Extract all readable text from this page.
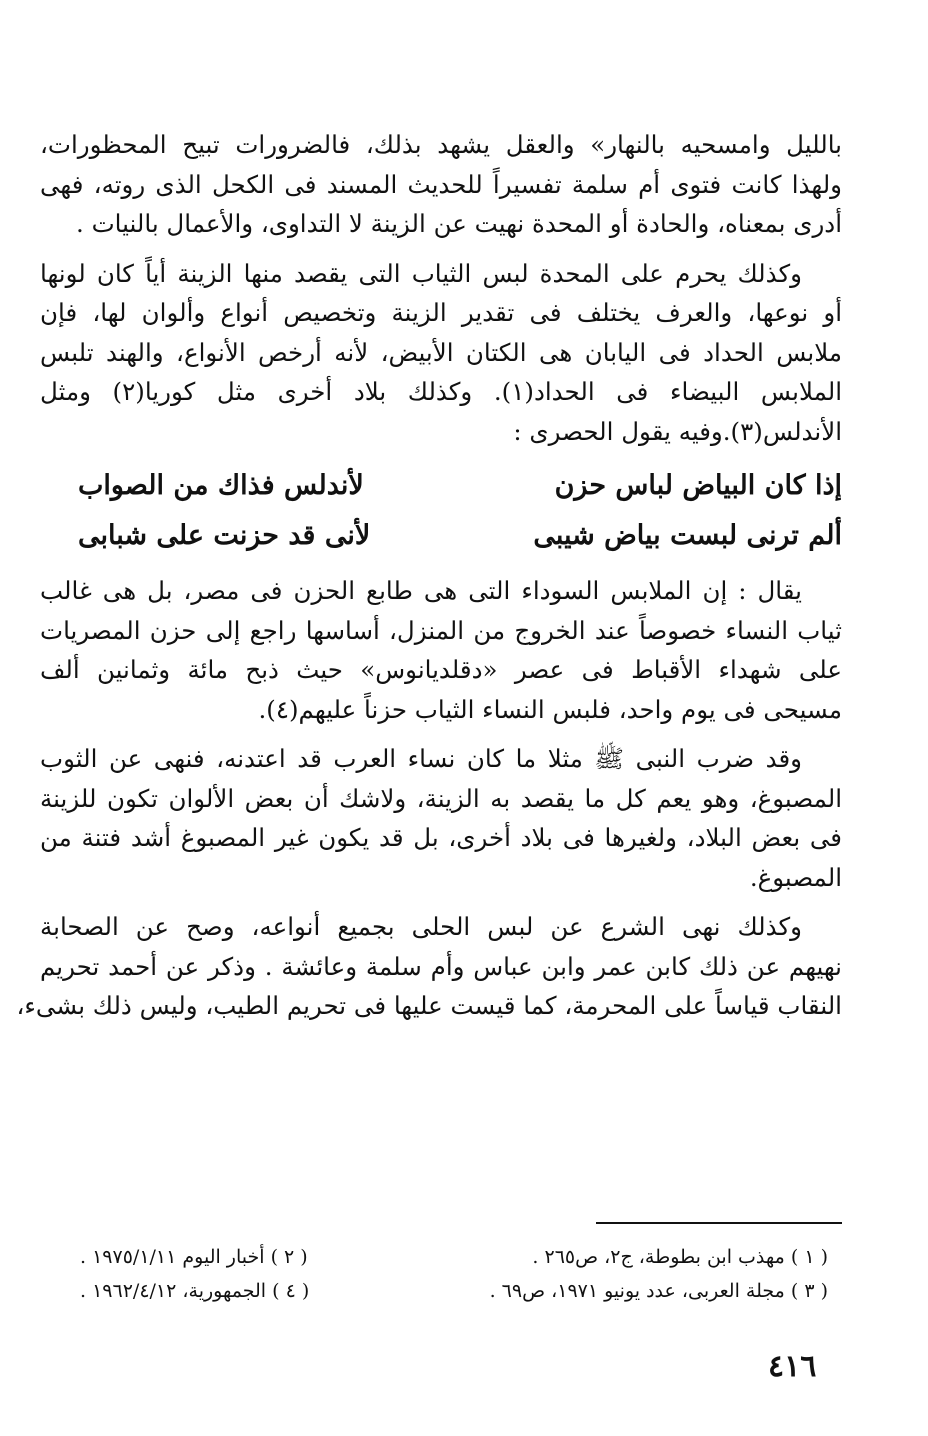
بالليل وامسحيه بالنهار» والعقل يشهد بذلك، فالضرورات تبيح المحظورات،
ولهذا كانت فتوى أم سلمة تفسيراً للحديث المسند فى الكحل الذى روته، فهى
أدرى بمعناه، والحادة أو المحدة نهيت عن الزينة لا التداوى، والأعمال بالنيات .
وكذلك يحرم على المحدة لبس الثياب التى يقصد منها الزينة أياً كان لونها
أو نوعها، والعرف يختلف فى تقدير الزينة وتخصيص أنواع وألوان لها، فإن
ملابس الحداد فى اليابان هى الكتان الأبيض، لأنه أرخص الأنواع، والهند تلبس
الملابس البيضاء فى الحداد(١). وكذلك بلاد أخرى مثل كوريا(٢) ومثل
الأندلس(٣).وفيه يقول الحصرى :
إذا كان البياض لباس حزن
لأندلس فذاك من الصواب
ألم ترنى لبست بياض شيبى
لأنى قد حزنت على شبابى
يقال : إن الملابس السوداء التى هى طابع الحزن فى مصر، بل هى غالب
ثياب النساء خصوصاً عند الخروج من المنزل، أساسها راجع إلى حزن المصريات
على شهداء الأقباط فى عصر «دقلديانوس» حيث ذبح مائة وثمانين ألف
مسيحى فى يوم واحد، فلبس النساء الثياب حزناً عليهم(٤).
وقد ضرب النبى ﷺ مثلا ما كان نساء العرب قد اعتدنه، فنهى عن الثوب
المصبوغ، وهو يعم كل ما يقصد به الزينة، ولاشك أن بعض الألوان تكون للزينة
فى بعض البلاد، ولغيرها فى بلاد أخرى، بل قد يكون غير المصبوغ أشد فتنة من
المصبوغ.
وكذلك نهى الشرع عن لبس الحلى بجميع أنواعه، وصح عن الصحابة
نهيهم عن ذلك كابن عمر وابن عباس وأم سلمة وعائشة . وذكر عن أحمد تحريم
النقاب قياساً على المحرمة، كما قيست عليها فى تحريم الطيب، وليس ذلك بشىء،
( ١ ) مهذب ابن بطوطة، ج٢، ص٢٦٥ .
( ٢ ) أخبار اليوم ١٩٧٥/١/١١ .
( ٣ ) مجلة العربى، عدد يونيو ١٩٧١، ص٦٩ .
( ٤ ) الجمهورية، ١٩٦٢/٤/١٢ .
٤١٦
